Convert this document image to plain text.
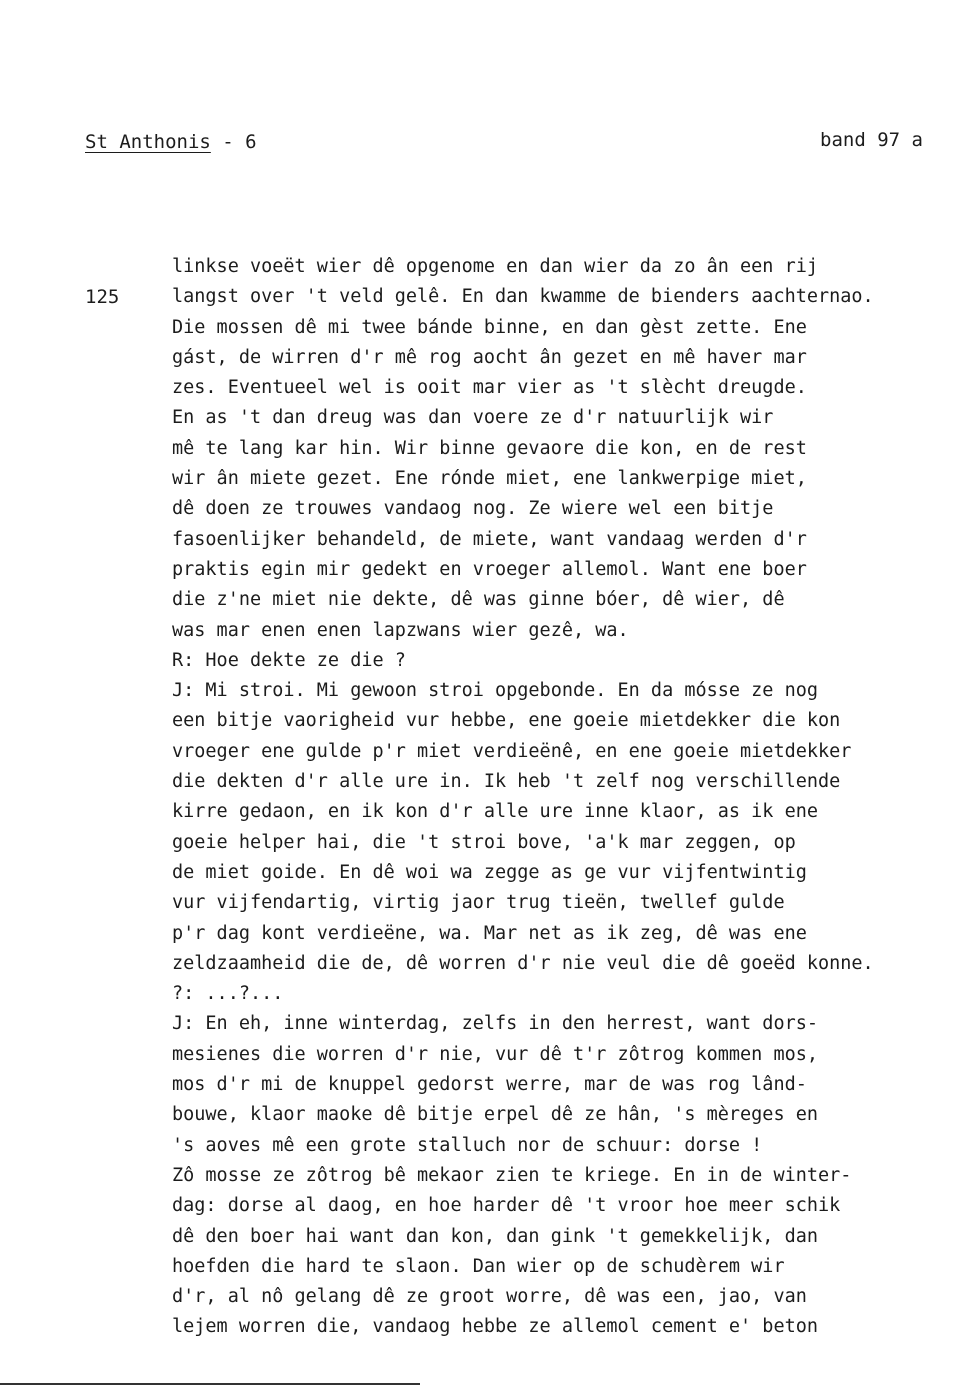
St Anthonis - 6	band 97 a
125
linkse voeët wier dê opgenome en dan wier da zo ân een rij
langst over 't veld gelê. En dan kwamme de bienders aachternao.
Die mossen dê mi twee bánde binne, en dan gèst zette. Ene
gást, de wirren d'r mê rog aocht ân gezet en mê haver mar
zes. Eventueel wel is ooit mar vier as 't slècht dreugde.
En as 't dan dreug was dan voere ze d'r natuurlijk wir
mê te lang kar hin. Wir binne gevaore die kon, en de rest
wir ân miete gezet. Ene rónde miet, ene lankwerpige miet,
dê doen ze trouwes vandaog nog. Ze wiere wel een bitje
fasoenlijker behandeld, de miete, want vandaag werden d'r
praktis egin mir gedekt en vroeger allemol. Want ene boer
die z'ne miet nie dekte, dê was ginne bóer, dê wier, dê
was mar enen enen lapzwans wier gezê, wa.
R: Hoe dekte ze die ?
J: Mi stroi. Mi gewoon stroi opgebonde. En da mósse ze nog
een bitje vaorigheid vur hebbe, ene goeie mietdekker die kon
vroeger ene gulde p'r miet verdieënê, en ene goeie mietdekker
die dekten d'r alle ure in. Ik heb 't zelf nog verschillende
kirre gedaon, en ik kon d'r alle ure inne klaor, as ik ene
goeie helper hai, die 't stroi bove, 'a'k mar zeggen, op
de miet goide. En dê woi wa zegge as ge vur vijfentwintig
vur vijfendartig, virtig jaor trug tieën, twellef gulde
p'r dag kont verdieëne, wa. Mar net as ik zeg, dê was ene
zeldzaamheid die de, dê worren d'r nie veul die dê goeëd konne.
?: ...?...
J: En eh, inne winterdag, zelfs in den herrest, want dors-
mesienes die worren d'r nie, vur dê t'r zôtrog kommen mos,
mos d'r mi de knuppel gedorst werre, mar de was rog lând-
bouwe, klaor maoke dê bitje erpel dê ze hân, 's mèreges en
's aoves mê een grote stalluch nor de schuur: dorse !
Zô mosse ze zôtrog bê mekaor zien te kriege. En in de winter-
dag: dorse al daog, en hoe harder dê 't vroor hoe meer schik
dê den boer hai want dan kon, dan gink 't gemekkelijk, dan
hoefden die hard te slaon. Dan wier op de schudèrem wir
d'r, al nô gelang dê ze groot worre, dê was een, jao, van
lejem worren die, vandaog hebbe ze allemol cement e' beton
